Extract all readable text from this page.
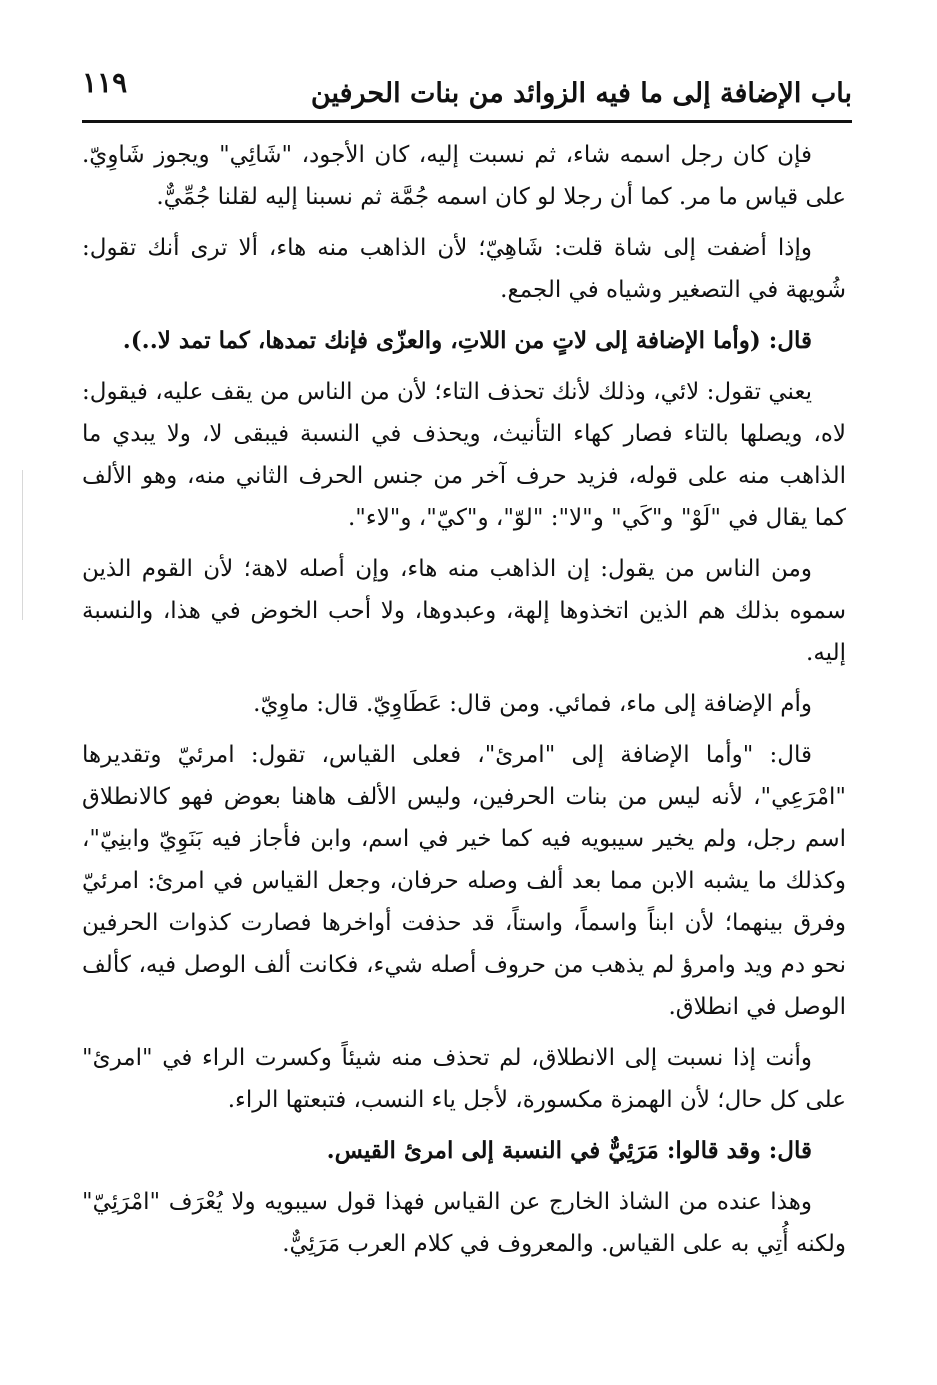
باب الإضافة إلى ما فيه الزوائد من بنات الحرفين
١١٩

فإن كان رجل اسمه شاء، ثم نسبت إليه، كان الأجود، "شَائِي" ويجوز شَاوِيّ. على قياس ما مر. كما أن رجلا لو كان اسمه جُمَّة ثم نسبنا إليه لقلنا جُمِّيٌّ.

وإذا أضفت إلى شاة قلت: شَاهِيّ؛ لأن الذاهب منه هاء، ألا ترى أنك تقول: شُويهة في التصغير وشياه في الجمع.

قال: (وأما الإضافة إلى لاتٍ من اللاتِ، والعزّى فإنك تمدها، كما تمد لا..).

يعني تقول: لائي، وذلك لأنك تحذف التاء؛ لأن من الناس من يقف عليه، فيقول: لاه، ويصلها بالتاء فصار كهاء التأنيث، ويحذف في النسبة فيبقى لا، ولا يبدي ما الذاهب منه على قوله، فزيد حرف آخر من جنس الحرف الثاني منه، وهو الألف كما يقال في "لَوْ" و"كَي" و"لا": "لوّ"، و"كيّ"، و"لاء".

ومن الناس من يقول: إن الذاهب منه هاء، وإن أصله لاهة؛ لأن القوم الذين سموه بذلك هم الذين اتخذوها إلهة، وعبدوها، ولا أحب الخوض في هذا، والنسبة إليه.

وأم الإضافة إلى ماء، فمائي. ومن قال: عَطَاوِيّ. قال: ماوِيّ.

قال: "وأما الإضافة إلى "امرئ"، فعلى القياس، تقول: امرئيّ وتقديرها "امْرَعِي"، لأنه ليس من بنات الحرفين، وليس الألف هاهنا بعوض فهو كالانطلاق اسم رجل، ولم يخير سيبويه فيه كما خير في اسم، وابن فأجاز فيه بَنَوِيّ وابنِيّ"، وكذلك ما يشبه الابن مما بعد ألف وصله حرفان، وجعل القياس في امرئ: امرئيّ وفرق بينهما؛ لأن ابناً واسماً، واستاً، قد حذفت أواخرها فصارت كذوات الحرفين نحو دم ويد وامرؤ لم يذهب من حروف أصله شيء، فكانت ألف الوصل فيه، كألف الوصل في انطلاق.

وأنت إذا نسبت إلى الانطلاق، لم تحذف منه شيئاً وكسرت الراء في "امرئ" على كل حال؛ لأن الهمزة مكسورة، لأجل ياء النسب، فتبعتها الراء.

قال: وقد قالوا: مَرَئِيٌّ في النسبة إلى امرئ القيس.

وهذا عنده من الشاذ الخارج عن القياس فهذا قول سيبويه ولا يُعْرَف "امْرَئِيّ" ولكنه أُتِي به على القياس. والمعروف في كلام العرب مَرَئِيٌّ.
